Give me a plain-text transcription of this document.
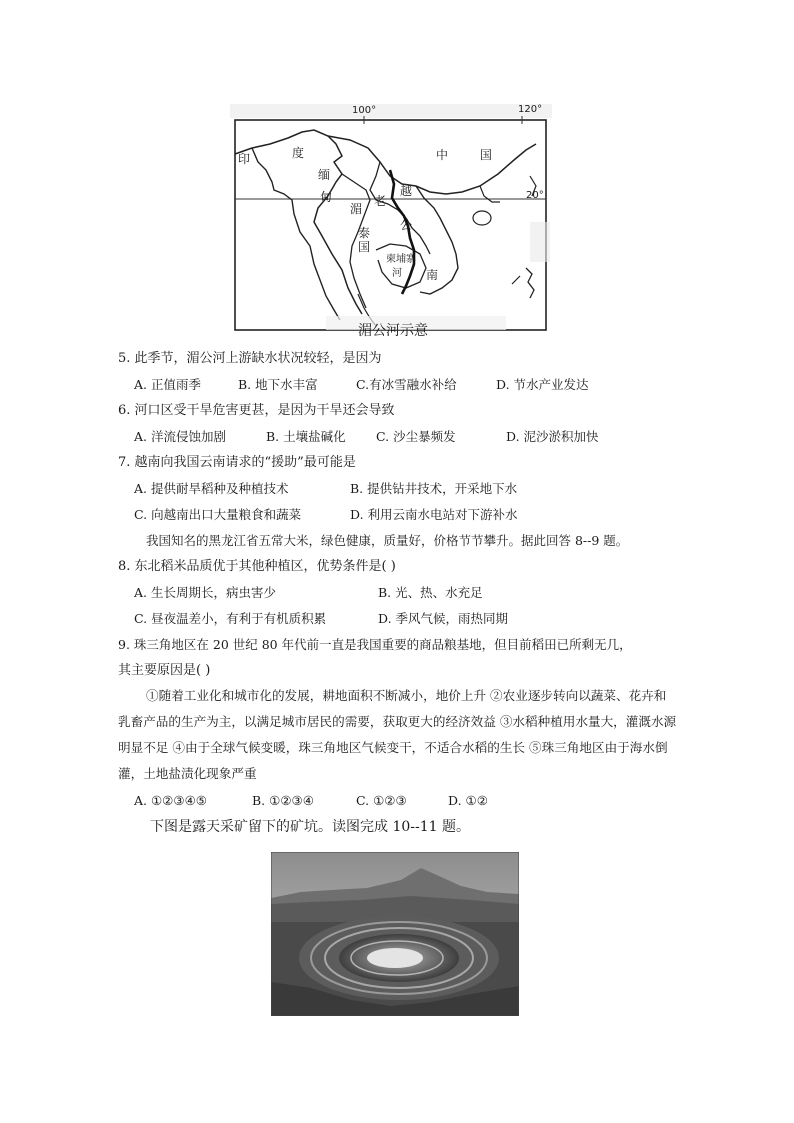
100°	120°
20°
印	度
缅
甸
中 国
老
越
湄
公
泰国
柬埔寨
河 南
湄公河示意
5. 此季节，湄公河上游缺水状况较轻，是因为
A. 正值雨季	B. 地下水丰富	C.有冰雪融水补给	D. 节水产业发达
6. 河口区受干旱危害更甚，是因为干旱还会导致
A. 洋流侵蚀加剧	B. 土壤盐碱化 C. 沙尘暴频发	D. 泥沙淤积加快
7. 越南向我国云南请求的“援助”最可能是
A. 提供耐旱稻种及种植技术	B. 提供钻井技术，开采地下水
C. 向越南出口大量粮食和蔬菜	D. 利用云南水电站对下游补水
我国知名的黑龙江省五常大米，绿色健康，质量好，价格节节攀升。据此回答 8--9 题。
8. 东北稻米品质优于其他种植区，优势条件是( )
A. 生长周期长，病虫害少	B. 光、热、水充足
C. 昼夜温差小，有利于有机质积累	D. 季风气候，雨热同期
9. 珠三角地区在 20 世纪 80 年代前一直是我国重要的商品粮基地，但目前稻田已所剩无几，
其主要原因是( )
①随着工业化和城市化的发展，耕地面积不断减小，地价上升 ②农业逐步转向以蔬菜、花卉和乳畜产品的生产为主，以满足城市居民的需要，获取更大的经济效益 ③水稻种植用水量大，灌溉水源明显不足 ④由于全球气候变暖，珠三角地区气候变干，不适合水稻的生长 ⑤珠三角地区由于海水倒灌，土地盐渍化现象严重
A. ①②③④⑤	B. ①②③④	C. ①②③	D. ①②
下图是露天采矿留下的矿坑。读图完成 10--11 题。
